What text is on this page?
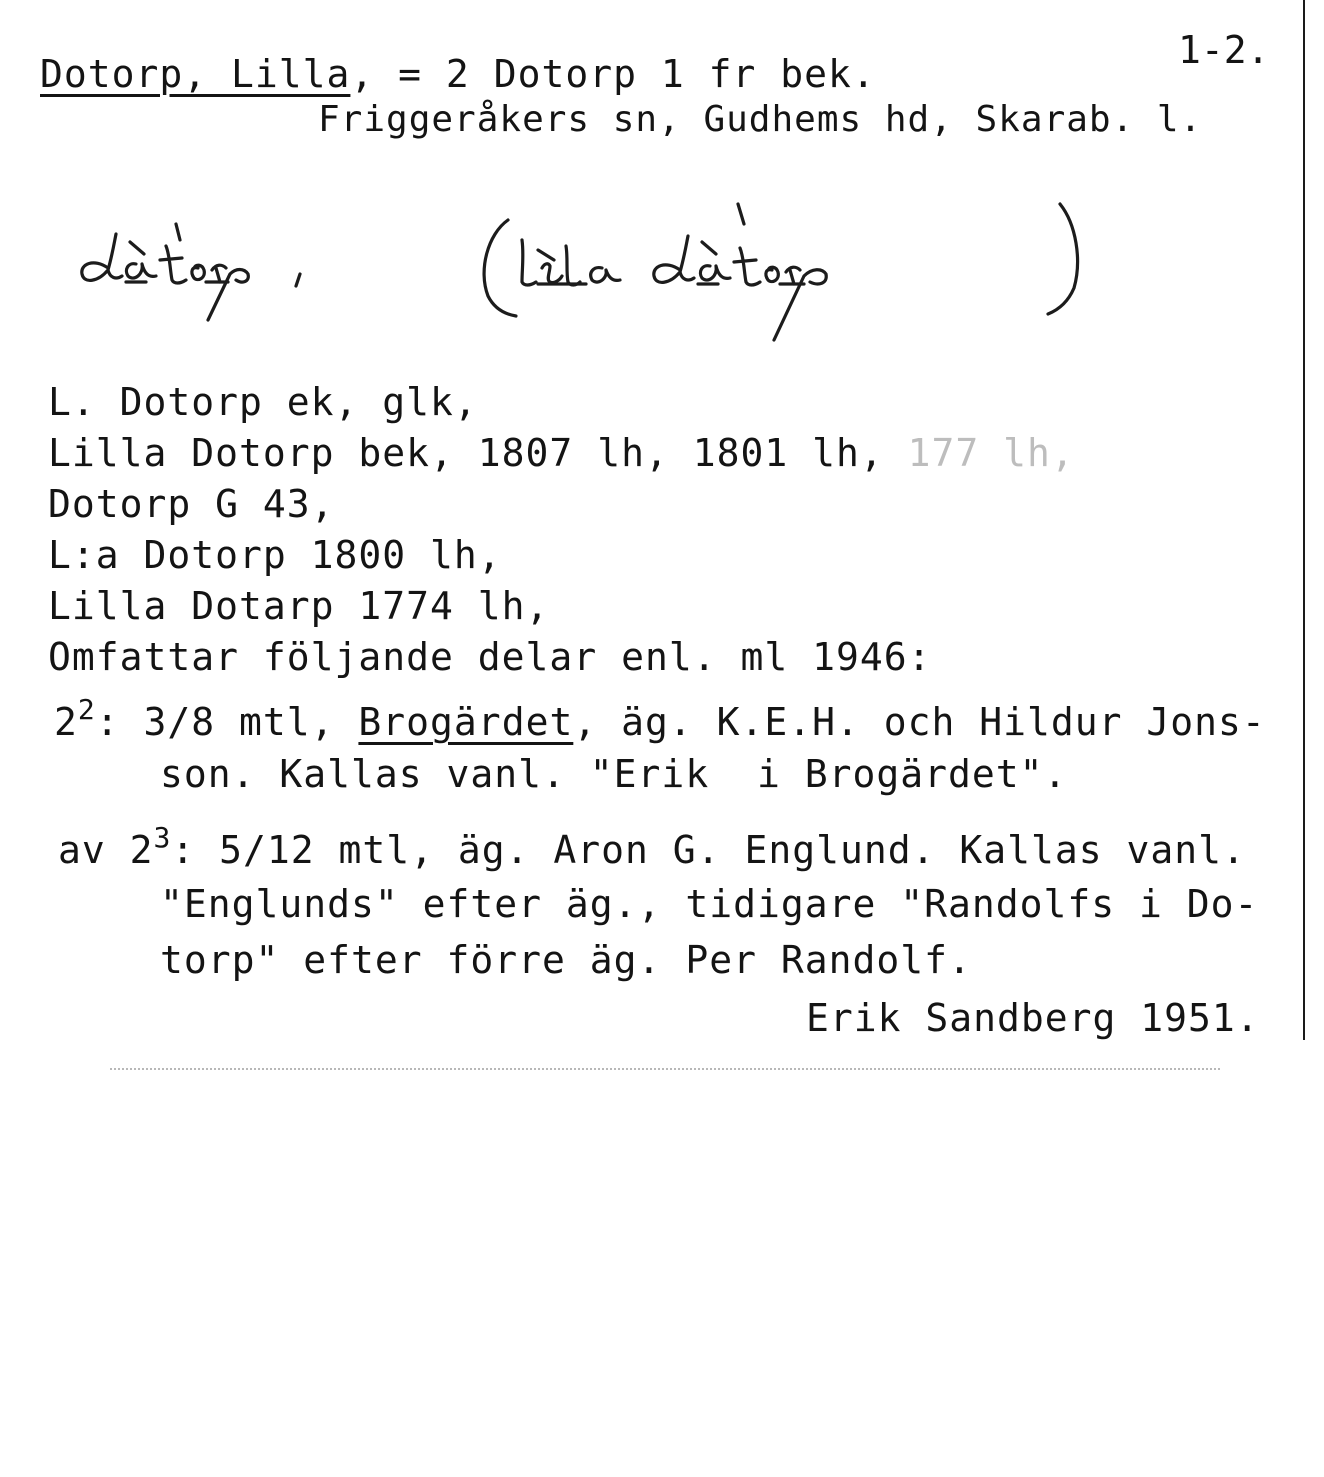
1-2.
Dotorp, Lilla, = 2 Dotorp 1 fr bek.
Friggeråkers sn, Gudhems hd, Skarab. l.
L. Dotorp ek, glk,
Lilla Dotorp bek, 1807 lh, 1801 lh, 177 lh,
Dotorp G 43,
L:a Dotorp 1800 lh,
Lilla Dotarp 1774 lh,
Omfattar följande delar enl. ml 1946:
$2^2$: 3/8 mtl, Brogärdet, äg. K.E.H. och Hildur Jons-
son. Kallas vanl. "Erik  i Brogärdet".
av $2^3$: 5/12 mtl, äg. Aron G. Englund. Kallas vanl.
"Englunds" efter äg., tidigare "Randolfs i Do-
torp" efter förre äg. Per Randolf.
Erik Sandberg 1951.
